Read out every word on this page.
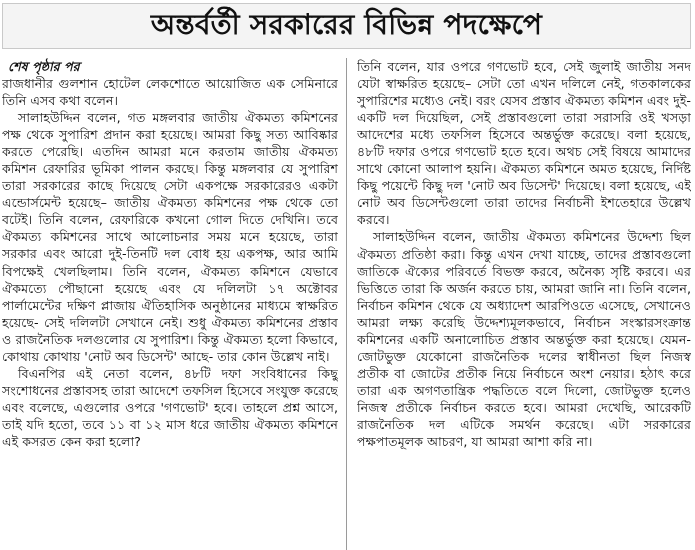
অন্তর্বর্তী সরকারের বিভিন্ন পদক্ষেপে
শেষ পৃষ্ঠার পর

রাজধানীর গুলশান হোটেল লেকশোতে আয়োজিত এক সেমিনারে তিনি এসব কথা বলেন।

সালাহউদ্দিন বলেন, গত মঙ্গলবার জাতীয় ঐকমত্য কমিশনের পক্ষ থেকে সুপারিশ প্রদান করা হয়েছে। আমরা কিছু সত্য আবিষ্কার করতে পেরেছি। এতদিন আমরা মনে করতাম জাতীয় ঐকমত্য কমিশন রেফারির ভূমিকা পালন করছে। কিন্তু মঙ্গলবার যে সুপারিশ তারা সরকারের কাছে দিয়েছে সেটা একপক্ষে সরকারেরও একটা এন্ডোর্সমেন্ট হয়েছে– জাতীয় ঐকমত্য কমিশনের পক্ষ থেকে তো বটেই। তিনি বলেন, রেফারিকে কখনো গোল দিতে দেখিনি। তবে ঐকমত্য কমিশনের সাথে আলোচনার সময় মনে হয়েছে, তারা সরকার এবং আরো দুই-তিনটি দল বোধ হয় একপক্ষ, আর আমি বিপক্ষেই খেলছিলাম। তিনি বলেন, ঐকমত্য কমিশনে যেভাবে ঐকমত্যে পৌছানো হয়েছে এবং যে দলিলটা ১৭ অক্টোবর পার্লামেন্টের দক্ষিণ প্লাজায় ঐতিহাসিক অনুষ্ঠানের মাধ্যমে স্বাক্ষরিত হয়েছে- সেই দলিলটা সেখানে নেই। শুধু ঐকমত্য কমিশনের প্রস্তাব ও রাজনৈতিক দলগুলোর যে সুপারিশ। কিন্তু ঐকমত্য হলো কিভাবে, কোথায় কোথায় 'নোট অব ডিসেন্ট' আছে- তার কোন উল্লেখ নাই।

বিএনপির এই নেতা বলেন, ৪৮টি দফা সংবিধানের কিছু সংশোধনের প্রস্তাবসহ তারা আদেশে তফসিল হিসেবে সংযুক্ত করেছে এবং বলেছে, এগুলোর ওপরে 'গণভোট' হবে। তাহলে প্রশ্ন আসে, তাই যদি হতো, তবে ১১ বা ১২ মাস ধরে জাতীয় ঐকমত্য কমিশনে এই কসরত কেন করা হলো?

তিনি বলেন, যার ওপরে গণভোট হবে, সেই জুলাই জাতীয় সনদ যেটা স্বাক্ষরিত হয়েছে– সেটা তো এখন দলিলে নেই, গতকালকের সুপারিশের মধ্যেও নেই। বরং যেসব প্রস্তাব ঐকমত্য কমিশন এবং দুই-একটি দল দিয়েছিল, সেই প্রস্তাবগুলো তারা সরাসরি ওই খসড়া আদেশের মধ্যে তফসিল হিসেবে অন্তর্ভুক্ত করেছে। বলা হয়েছে, ৪৮টি দফার ওপরে গণভোট হতে হবে। অথচ সেই বিষয়ে আমাদের সাথে কোনো আলাপ হয়নি। ঐকমত্য কমিশনে অমত হয়েছে, নির্দিষ্ট কিছু পয়েন্টে কিছু দল 'নোট অব ডিসেন্ট' দিয়েছে। বলা হয়েছে, এই নোট অব ডিসেন্টগুলো তারা তাদের নির্বাচনী ইশতেহারে উল্লেখ করবে।

সালাহউদ্দিন বলেন, জাতীয় ঐকমত্য কমিশনের উদ্দেশ্য ছিল ঐকমত্য প্রতিষ্ঠা করা। কিন্তু এখন দেখা যাচ্ছে, তাদের প্রস্তাবগুলো জাতিকে ঐক্যের পরিবর্তে বিভক্ত করবে, অনৈক্য সৃষ্টি করবে। এর ভিত্তিতে তারা কি অর্জন করতে চায়, আমরা জানি না। তিনি বলেন, নির্বাচন কমিশন থেকে যে অধ্যাদেশ আরপিওতে এসেছে, সেখানেও আমরা লক্ষ্য করেছি উদ্দেশ্যমূলকভাবে, নির্বাচন সংস্কারসংক্রান্ত কমিশনের একটি অনালোচিত প্রস্তাব অন্তর্ভুক্ত করা হয়েছে। যেমন- জোটভুক্ত যেকোনো রাজনৈতিক দলের স্বাধীনতা ছিল নিজস্ব প্রতীক বা জোটের প্রতীক নিয়ে নির্বাচনে অংশ নেয়ার। হঠাৎ করে তারা এক অগণতান্ত্রিক পদ্ধতিতে বলে দিলো, জোটভুক্ত হলেও নিজস্ব প্রতীকে নির্বাচন করতে হবে। আমরা দেখেছি, আরেকটি রাজনৈতিক দল এটিকে সমর্থন করেছে। এটা সরকারের পক্ষপাতমূলক আচরণ, যা আমরা আশা করি না।
